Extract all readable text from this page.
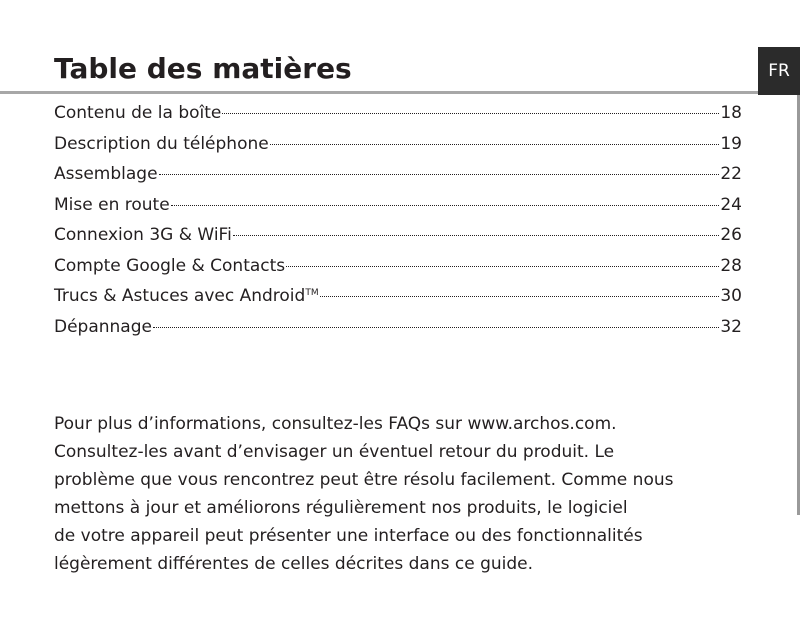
FR
Table des matières
Contenu de la boîte	18
Description du téléphone	19
Assemblage	22
Mise en route	24
Connexion 3G & WiFi	26
Compte Google & Contacts	28
Trucs & Astuces avec Android™	30
Dépannage	32

Pour plus d’informations, consultez-les FAQs sur www.archos.com.
Consultez-les avant d’envisager un éventuel retour du produit. Le
problème que vous rencontrez peut être résolu facilement. Comme nous
mettons à jour et améliorons régulièrement nos produits, le logiciel
de votre appareil peut présenter une interface ou des fonctionnalités
légèrement différentes de celles décrites dans ce guide.
